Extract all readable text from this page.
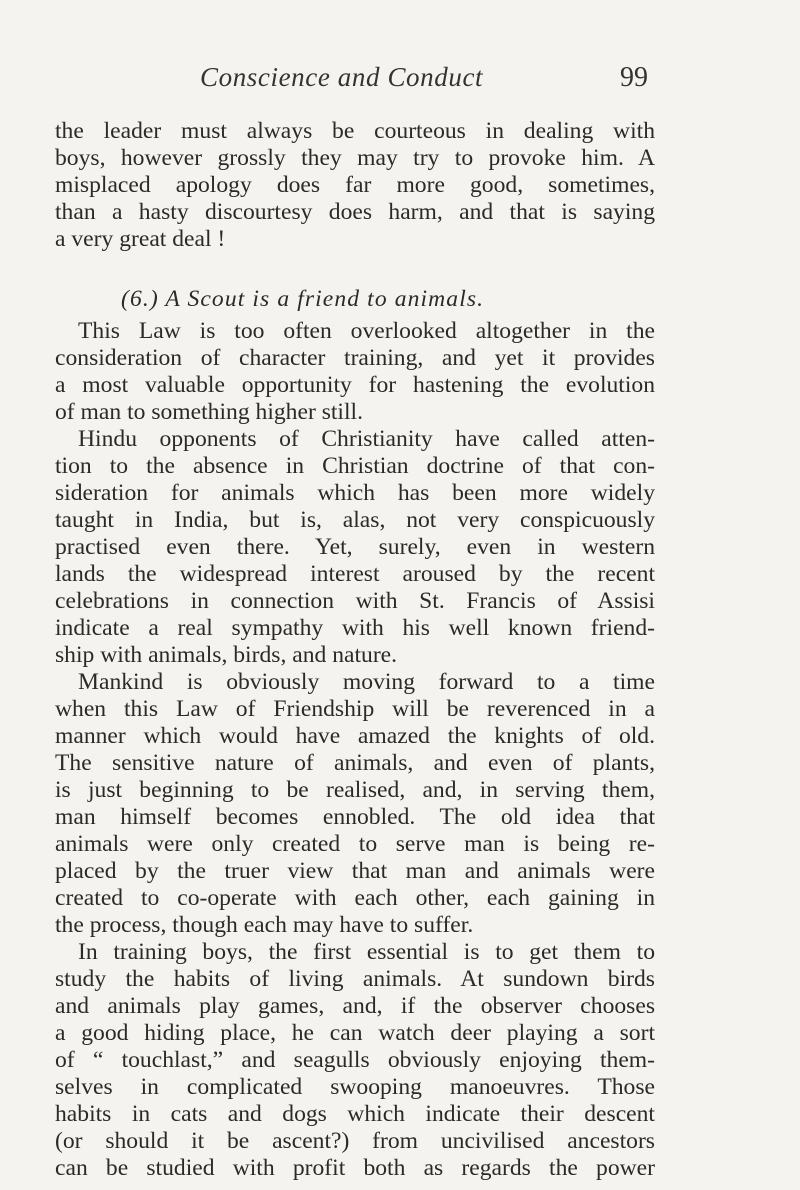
Conscience and Conduct	99
the leader must always be courteous in dealing with
boys, however grossly they may try to provoke him. A
misplaced apology does far more good, sometimes,
than a hasty discourtesy does harm, and that is saying
a very great deal !
(6.) A Scout is a friend to animals.
This Law is too often overlooked altogether in the
consideration of character training, and yet it provides
a most valuable opportunity for hastening the evolution
of man to something higher still.
Hindu opponents of Christianity have called atten-
tion to the absence in Christian doctrine of that con-
sideration for animals which has been more widely
taught in India, but is, alas, not very conspicuously
practised even there. Yet, surely, even in western
lands the widespread interest aroused by the recent
celebrations in connection with St. Francis of Assisi
indicate a real sympathy with his well known friend-
ship with animals, birds, and nature.
Mankind is obviously moving forward to a time
when this Law of Friendship will be reverenced in a
manner which would have amazed the knights of old.
The sensitive nature of animals, and even of plants,
is just beginning to be realised, and, in serving them,
man himself becomes ennobled. The old idea that
animals were only created to serve man is being re-
placed by the truer view that man and animals were
created to co-operate with each other, each gaining in
the process, though each may have to suffer.
In training boys, the first essential is to get them to
study the habits of living animals. At sundown birds
and animals play games, and, if the observer chooses
a good hiding place, he can watch deer playing a sort
of “ touchlast,” and seagulls obviously enjoying them-
selves in complicated swooping manoeuvres. Those
habits in cats and dogs which indicate their descent
(or should it be ascent?) from uncivilised ancestors
can be studied with profit both as regards the power
